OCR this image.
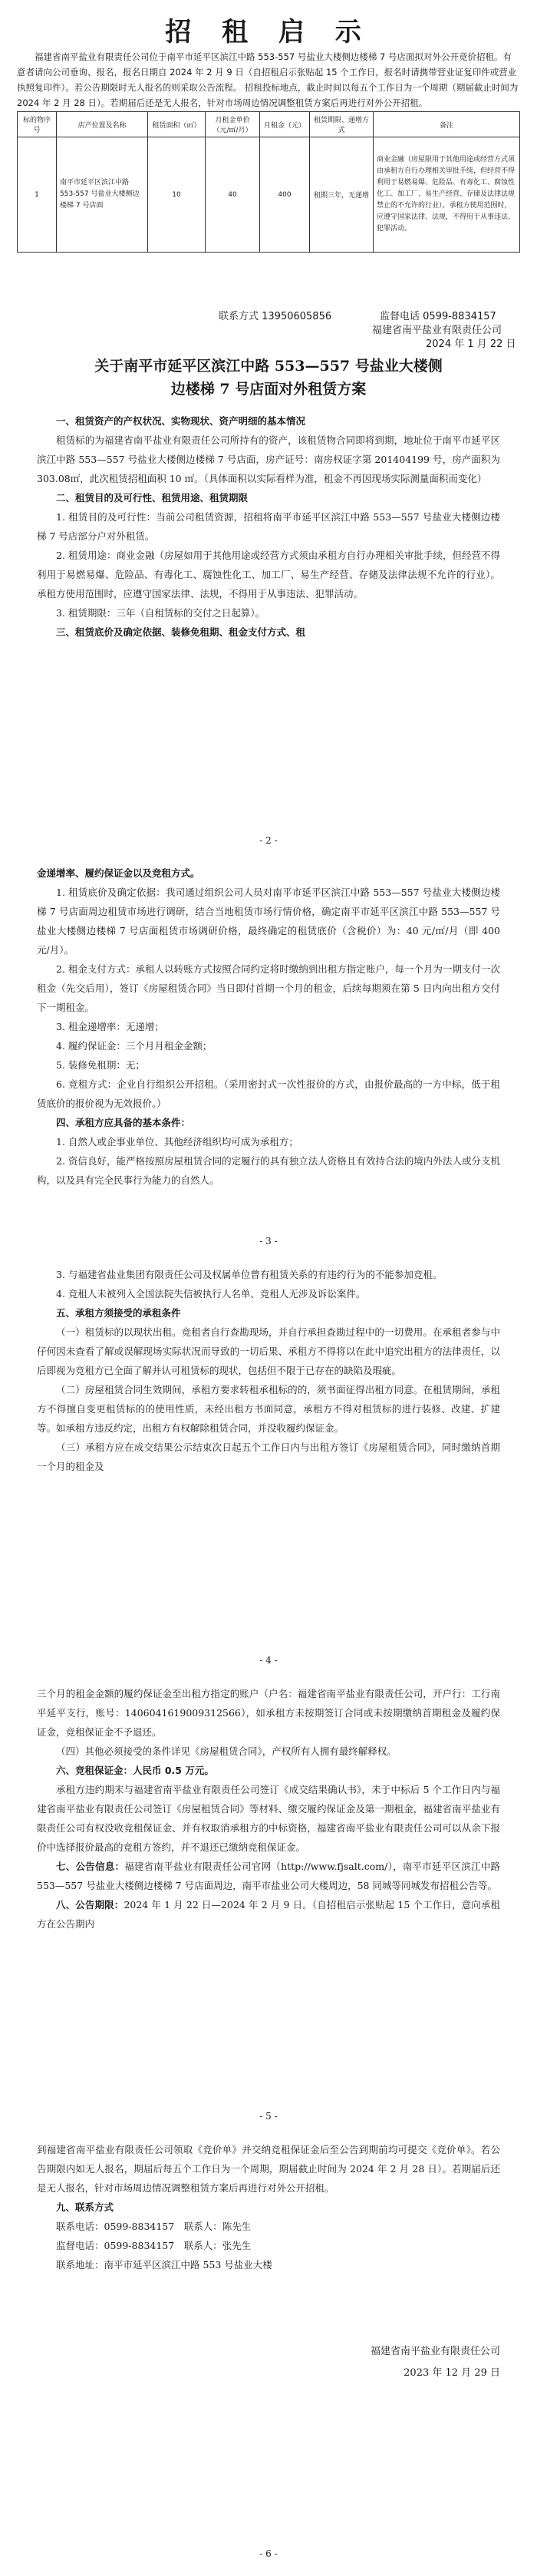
招 租 启 示

福建省南平盐业有限责任公司位于南平市延平区滨江中路 553-557 号盐业大楼侧边楼梯 7 号店面拟对外公开竞价招租。有意者请向公司垂询、报名，报名日期自 2024 年 2 月 9 日（自招租启示张贴起 15 个工作日，报名时请携带营业证复印件或营业执照复印件）。若公告期限时无人报名的则采取公告流程。​ 招租投标地点，截止时间以每五个工作日为一个周期（期届截止时间为 2024 年 2 月 28 日）。若期届后还是无人报名，针对市场周边情况调整租赁方案后再进行对外公开招租。

标的物序号	店产位置及名称	租赁面积（㎡）	月租金单价（元/㎡/月）	月租金（元）	租赁期限、递增方式	备注
1	南平市延平区滨江中路 553-557 号盐业大楼侧边楼梯 7 号店面	10	40	400	租期三年，无递增	商业金融（房屋限用于其他用途或经营方式须由承租方自行办理相关审批手续，但经营不得利用于易燃易爆、危险品、有毒化工、腐蚀性化工、加工厂、易生产经营、存储及法律法规禁止的不允许的行业）。承租方使用范围时，应遵守国家法律、法规，不得用于从事违法、犯罪活动。
联系方式 13950605856	监督电话 0599-8834157
福建省南平盐业有限责任公司
2024 年 1 月 22 日
关于南平市延平区滨江中路 553—557 号盐业大楼侧
边楼梯 7 号店面对外租赁方案

一、租赁资产的产权状况、实物现状、资产明细的基本情况

租赁标的为福建省南平盐业有限责任公司所持有的资产，该租赁物合同即将到期，地址位于南平市延平区滨江中路 553—557 号盐业大楼侧边楼梯 7 号店面，房产证号：南房权证字第 201404199 号，房产面积为 303.08㎡，此次租赁招租面积 10 ㎡。（具体面积以实际看样为准，租金不再因现场实际测量面积而变化）

二、租赁目的及可行性、租赁用途、租赁期限

1. 租赁目的及可行性：当前公司租赁资源，招租将南平市延平区滨江中路 553—557 号盐业大楼侧边楼梯 7 号店部分户对外租赁。

2. 租赁用途：商业金融（房屋如用于其他用途或经营方式须由承租方自行办理相关审批手续，但经营不得利用于易燃易爆、危险品、有毒化工、腐蚀性化工、加工厂、易生产经营、存储及法律法规不允许的行业）。承租方使用范围时，应遵守国家法律、法规，不得用于从事违法、犯罪活动。

3. 租赁期限：三年（自租赁标的交付之日起算）。

三、租赁底价及确定依据、装修免租期、租金支付方式、租

- 2 -

金递增率、履约保证金以及竞租方式。

1. 租赁底价及确定依据：我司通过组织公司人员对南平市延平区滨江中路 553—557 号盐业大楼侧边楼梯 7 号店面周边租赁市场进行调研，结合当地租赁市场行情价格，确定南平市延平区滨江中路 553—557 号盐业大楼侧边楼梯 7 号店面租赁市场调研价格，最终确定的租赁底价（含税价）为：40 元/㎡/月（即 400 元/月）。

2. 租金支付方式：承租人以转账方式按照合同约定将时缴纳到出租方指定账户，每一个月为一期支付一次租金（先交后用），签订《房屋租赁合同》当日即付首期一个月的租金，后续每期须在第 5 日内向出租方交付下一期租金。

3. 租金递增率：无递增；

4. 履约保证金：三个月月租金金额；

5. 装修免租期：无；

6. 竞租方式：企业自行组织公开招租。（采用密封式一次性报价的方式，由报价最高的一方中标，低于租赁底价的报价视为无效报价。）

四、承租方应具备的基本条件：

1. 自然人或企事业单位、其他经济组织均可成为承租方；

2. 资信良好，能严格按照房屋租赁合同的定履行的具有独立法人资格且有效持合法的境内外法人或分支机构，以及具有完全民事行为能力的自然人。

- 3 -

3. 与福建省盐业集团有限责任公司及权属单位曾有租赁关系的有违约行为的不能参加竞租。

4. 竞租人未被列入全国法院失信被执行人名单、竞租人无涉及诉讼案件。

五、承租方须接受的承租条件

（一）租赁标的以现状出租。竞租者自行查勘现场，并自行承担查勘过程中的一切费用。在承租者参与中仔何因未查看了解或误解现场实际状况而导致的一切后果、承租方不得将以在此中追究出租方的法律责任，以后即视为竞租方已全面了解并认可租赁标的现状，包括但不限于已存在的缺陷及瑕疵。

（二）房屋租赁合同生效期间，承租方要求转租承租标的的，须书面征得出租方同意。在租赁期间，承租方不得擅自变更租赁标的的使用性质，未经出租方书面同意，承租方不得对租赁标的进行装修、改建、扩建等。如承租方违反约定，出租方有权解除租赁合同，并没收履约保证金。

（三）承租方应在成交结果公示结束次日起五个工作日内与出租方签订《房屋租赁合同》，同时缴纳首期一个月的租金及

- 4 -

三个月的租金金额的履约保证金至出租方指定的账户（户名：福建省南平盐业有限责任公司，开户行：工行南平延平支行，账号：1406041619009312566），如承租方未按期签订合同或未按期缴纳首期租金及履约保证金，竞租保证金不予退还。

（四）其他必须接受的条件详见《房屋租赁合同》，产权所有人拥有最终解释权。

六、竞租保证金：人民币 0.5 万元。

承租方违约期末与福建省南平盐业有限责任公司签订《成交结果确认书》，未于中标后 5 个工作日内与福建省南平盐业有限责任公司签订《房屋租赁合同》等材料、缴交履约保证金及第一期租金，福建省南平盐业有限责任公司有权没收竞租保证金、并有权取消承租方的中标资格，福建省南平盐业有限责任公司可以从余下报价中选择报价最高的竞租方签约，并不退还已缴纳竞租保证金。

七、公告信息：福建省南平盐业有限责任公司官网（http://www.fjsalt.com/），南平市延平区滨江中路 553—557 号盐业大楼侧边楼梯 7 号店面周边，南平市盐业公司大楼周边，58 同城等同城发布招租公告等。

八、公告期限：2024 年 1 月 22 日—2024 年 2 月 9 日。（自招租启示张贴起 15 个工作日，意向承租方在公告期内

- 5 -

到福建省南平盐业有限责任公司领取《竞价单》并交纳竞租保证金后至公告到期前均可提交《竞价单》。若公告期限内如无人报名，期届后每五个工作日为一个周期，期届截止时间为 2024 年 2 月 28 日）。若期届后还是无人报名，针对市场周边情况调整租赁方案后再进行对外公开招租。

九、联系方式

联系电话：0599-8834157　联系人：陈先生

监督电话：0599-8834157　联系人：张先生

联系地址：南平市延平区滨江中路 553 号盐业大楼

福建省南平盐业有限责任公司
2023 年 12 月 29 日
- 6 -
